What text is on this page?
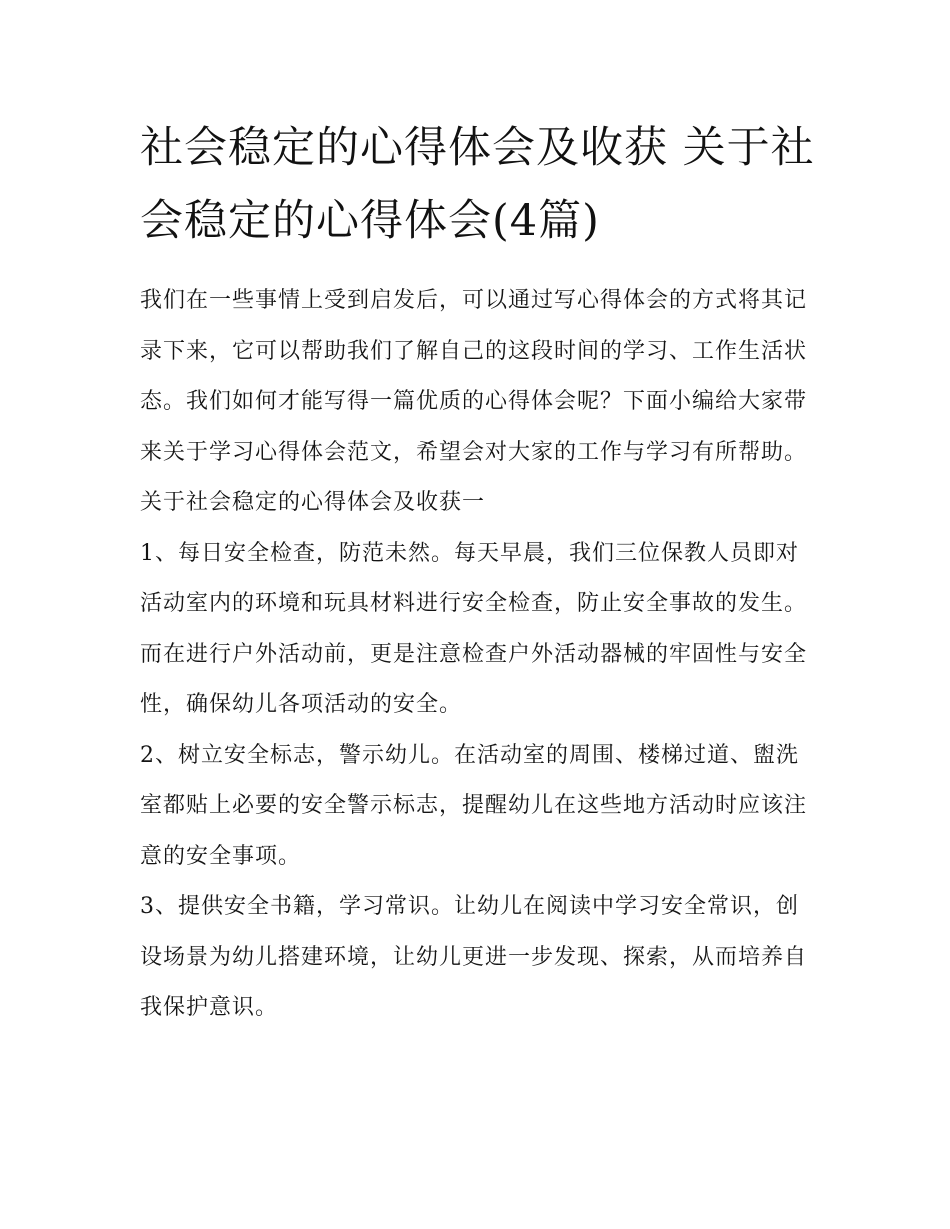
社会稳定的心得体会及收获 关于社会稳定的心得体会(4篇)

我们在一些事情上受到启发后，可以通过写心得体会的方式将其记录下来，它可以帮助我们了解自己的这段时间的学习、工作生活状态。我们如何才能写得一篇优质的心得体会呢？下面小编给大家带来关于学习心得体会范文，希望会对大家的工作与学习有所帮助。

关于社会稳定的心得体会及收获一

1、每日安全检查，防范未然。每天早晨，我们三位保教人员即对活动室内的环境和玩具材料进行安全检查，防止安全事故的发生。而在进行户外活动前，更是注意检查户外活动器械的牢固性与安全性，确保幼儿各项活动的安全。

2、树立安全标志，警示幼儿。在活动室的周围、楼梯过道、盥洗室都贴上必要的安全警示标志，提醒幼儿在这些地方活动时应该注意的安全事项。

3、提供安全书籍，学习常识。让幼儿在阅读中学习安全常识，创设场景为幼儿搭建环境，让幼儿更进一步发现、探索，从而培养自我保护意识。
